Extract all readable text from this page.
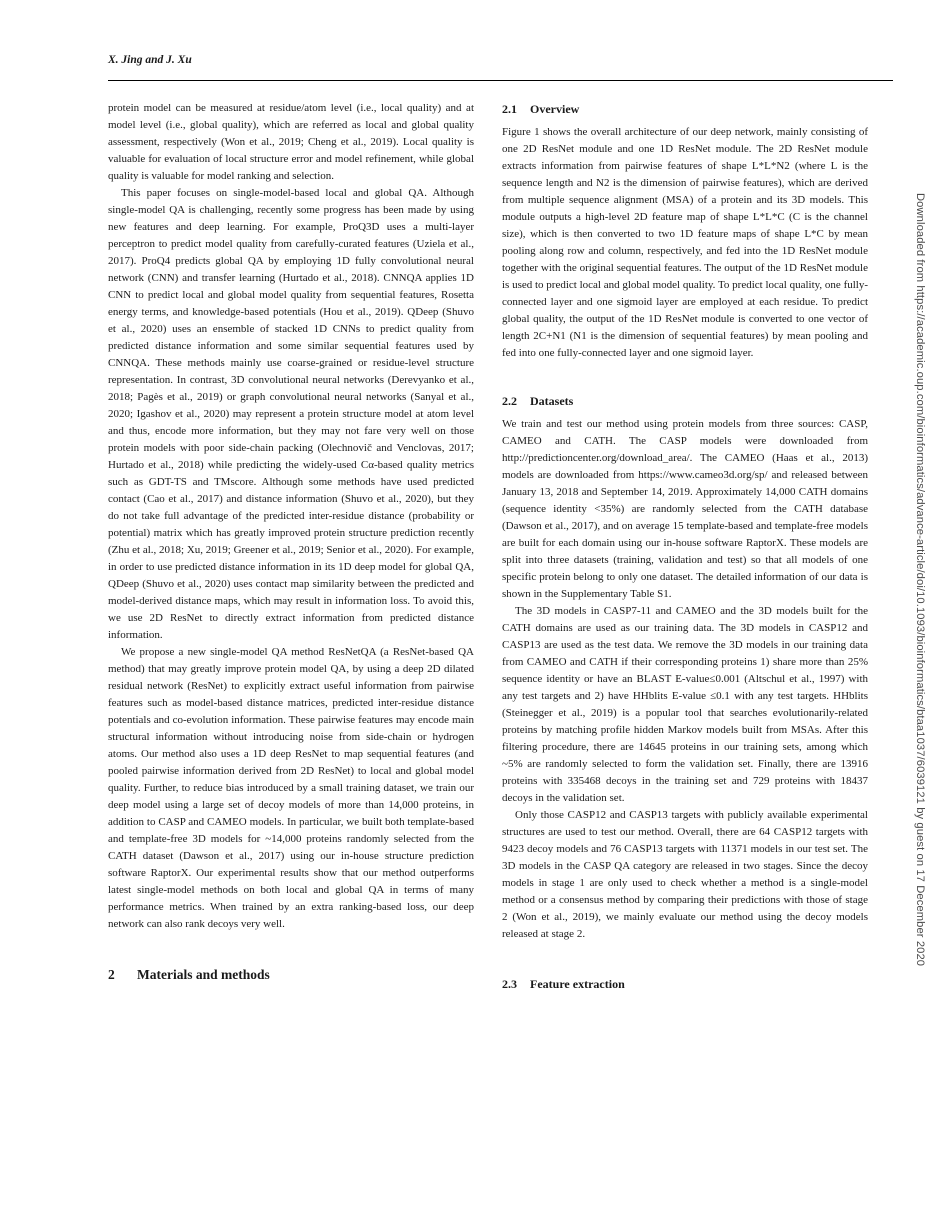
X. Jing and J. Xu

protein model can be measured at residue/atom level (i.e., local quality) and at model level (i.e., global quality), which are referred as local and global quality assessment, respectively (Won et al., 2019; Cheng et al., 2019). Local quality is valuable for evaluation of local structure error and model refinement, while global quality is valuable for model ranking and selection.

This paper focuses on single-model-based local and global QA. Although single-model QA is challenging, recently some progress has been made by using new features and deep learning. For example, ProQ3D uses a multi-layer perceptron to predict model quality from carefully-curated features (Uziela et al., 2017). ProQ4 predicts global QA by employing 1D fully convolutional neural network (CNN) and transfer learning (Hurtado et al., 2018). CNNQA applies 1D CNN to predict local and global model quality from sequential features, Rosetta energy terms, and knowledge-based potentials (Hou et al., 2019). QDeep (Shuvo et al., 2020) uses an ensemble of stacked 1D CNNs to predict quality from predicted distance information and some similar sequential features used by CNNQA. These methods mainly use coarse-grained or residue-level structure representation. In contrast, 3D convolutional neural networks (Derevyanko et al., 2018; Pagès et al., 2019) or graph convolutional neural networks (Sanyal et al., 2020; Igashov et al., 2020) may represent a protein structure model at atom level and thus, encode more information, but they may not fare very well on those protein models with poor side-chain packing (Olechnovič and Venclovas, 2017; Hurtado et al., 2018) while predicting the widely-used Cα-based quality metrics such as GDT-TS and TMscore. Although some methods have used predicted contact (Cao et al., 2017) and distance information (Shuvo et al., 2020), but they do not take full advantage of the predicted inter-residue distance (probability or potential) matrix which has greatly improved protein structure prediction recently (Zhu et al., 2018; Xu, 2019; Greener et al., 2019; Senior et al., 2020). For example, in order to use predicted distance information in its 1D deep model for global QA, QDeep (Shuvo et al., 2020) uses contact map similarity between the predicted and model-derived distance maps, which may result in information loss. To avoid this, we use 2D ResNet to directly extract information from predicted distance information.

We propose a new single-model QA method ResNetQA (a ResNet-based QA method) that may greatly improve protein model QA, by using a deep 2D dilated residual network (ResNet) to explicitly extract useful information from pairwise features such as model-based distance matrices, predicted inter-residue distance potentials and co-evolution information. These pairwise features may encode main structural information without introducing noise from side-chain or hydrogen atoms. Our method also uses a 1D deep ResNet to map sequential features (and pooled pairwise information derived from 2D ResNet) to local and global model quality. Further, to reduce bias introduced by a small training dataset, we train our deep model using a large set of decoy models of more than 14,000 proteins, in addition to CASP and CAMEO models. In particular, we built both template-based and template-free 3D models for ~14,000 proteins randomly selected from the CATH dataset (Dawson et al., 2017) using our in-house structure prediction software RaptorX. Our experimental results show that our method outperforms latest single-model methods on both local and global QA in terms of many performance metrics. When trained by an extra ranking-based loss, our deep network can also rank decoys very well.

2 Materials and methods
2.1 Overview

Figure 1 shows the overall architecture of our deep network, mainly consisting of one 2D ResNet module and one 1D ResNet module. The 2D ResNet module extracts information from pairwise features of shape L*L*N2 (where L is the sequence length and N2 is the dimension of pairwise features), which are derived from multiple sequence alignment (MSA) of a protein and its 3D models. This module outputs a high-level 2D feature map of shape L*L*C (C is the channel size), which is then converted to two 1D feature maps of shape L*C by mean pooling along row and column, respectively, and fed into the 1D ResNet module together with the original sequential features. The output of the 1D ResNet module is used to predict local and global model quality. To predict local quality, one fully-connected layer and one sigmoid layer are employed at each residue. To predict global quality, the output of the 1D ResNet module is converted to one vector of length 2C+N1 (N1 is the dimension of sequential features) by mean pooling and fed into one fully-connected layer and one sigmoid layer.

2.2 Datasets

We train and test our method using protein models from three sources: CASP, CAMEO and CATH. The CASP models were downloaded from http://predictioncenter.org/download_area/. The CAMEO (Haas et al., 2013) models are downloaded from https://www.cameo3d.org/sp/ and released between January 13, 2018 and September 14, 2019. Approximately 14,000 CATH domains (sequence identity <35%) are randomly selected from the CATH database (Dawson et al., 2017), and on average 15 template-based and template-free models are built for each domain using our in-house software RaptorX. These models are split into three datasets (training, validation and test) so that all models of one specific protein belong to only one dataset. The detailed information of our data is shown in the Supplementary Table S1.

The 3D models in CASP7-11 and CAMEO and the 3D models built for the CATH domains are used as our training data. The 3D models in CASP12 and CASP13 are used as the test data. We remove the 3D models in our training data from CAMEO and CATH if their corresponding proteins 1) share more than 25% sequence identity or have an BLAST E-value≤0.001 (Altschul et al., 1997) with any test targets and 2) have HHblits E-value ≤0.1 with any test targets. HHblits (Steinegger et al., 2019) is a popular tool that searches evolutionarily-related proteins by matching profile hidden Markov models built from MSAs. After this filtering procedure, there are 14645 proteins in our training sets, among which ~5% are randomly selected to form the validation set. Finally, there are 13916 proteins with 335468 decoys in the training set and 729 proteins with 18437 decoys in the validation set.

Only those CASP12 and CASP13 targets with publicly available experimental structures are used to test our method. Overall, there are 64 CASP12 targets with 9423 decoy models and 76 CASP13 targets with 11371 models in our test set. The 3D models in the CASP QA category are released in two stages. Since the decoy models in stage 1 are only used to check whether a method is a single-model method or a consensus method by comparing their predictions with those of stage 2 (Won et al., 2019), we mainly evaluate our method using the decoy models released at stage 2.

2.3 Feature extraction
Downloaded from https://academic.oup.com/bioinformatics/advance-article/doi/10.1093/bioinformatics/btaa1037/6039121 by guest on 17 December 2020
